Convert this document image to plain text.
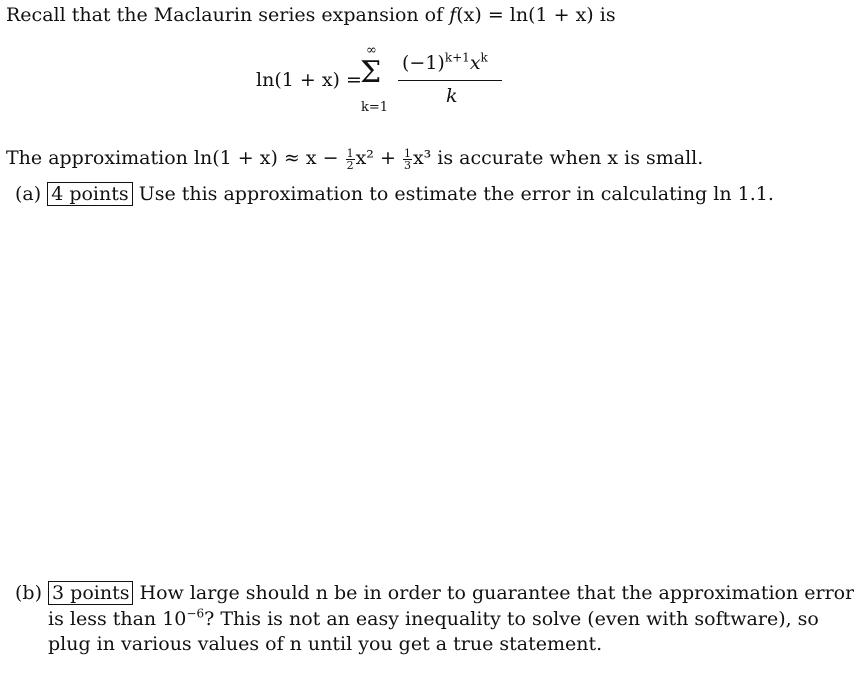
Recall that the Maclaurin series expansion of f(x) = ln(1 + x) is
ln(1 + x) =
∞
Σ
k=1
$(-1)^{k+1}x^k$
k
The approximation $\ln(1 + x) \approx x - \frac{1}{2} x^2 + \frac{1}{3} x^3$ is accurate when x is small.
(a) 4 points Use this approximation to estimate the error in calculating ln 1.1.
(b) 3 points How large should n be in order to guarantee that the approximation error
is less than $10^{-6}$? This is not an easy inequality to solve (even with software), so
plug in various values of n until you get a true statement.
